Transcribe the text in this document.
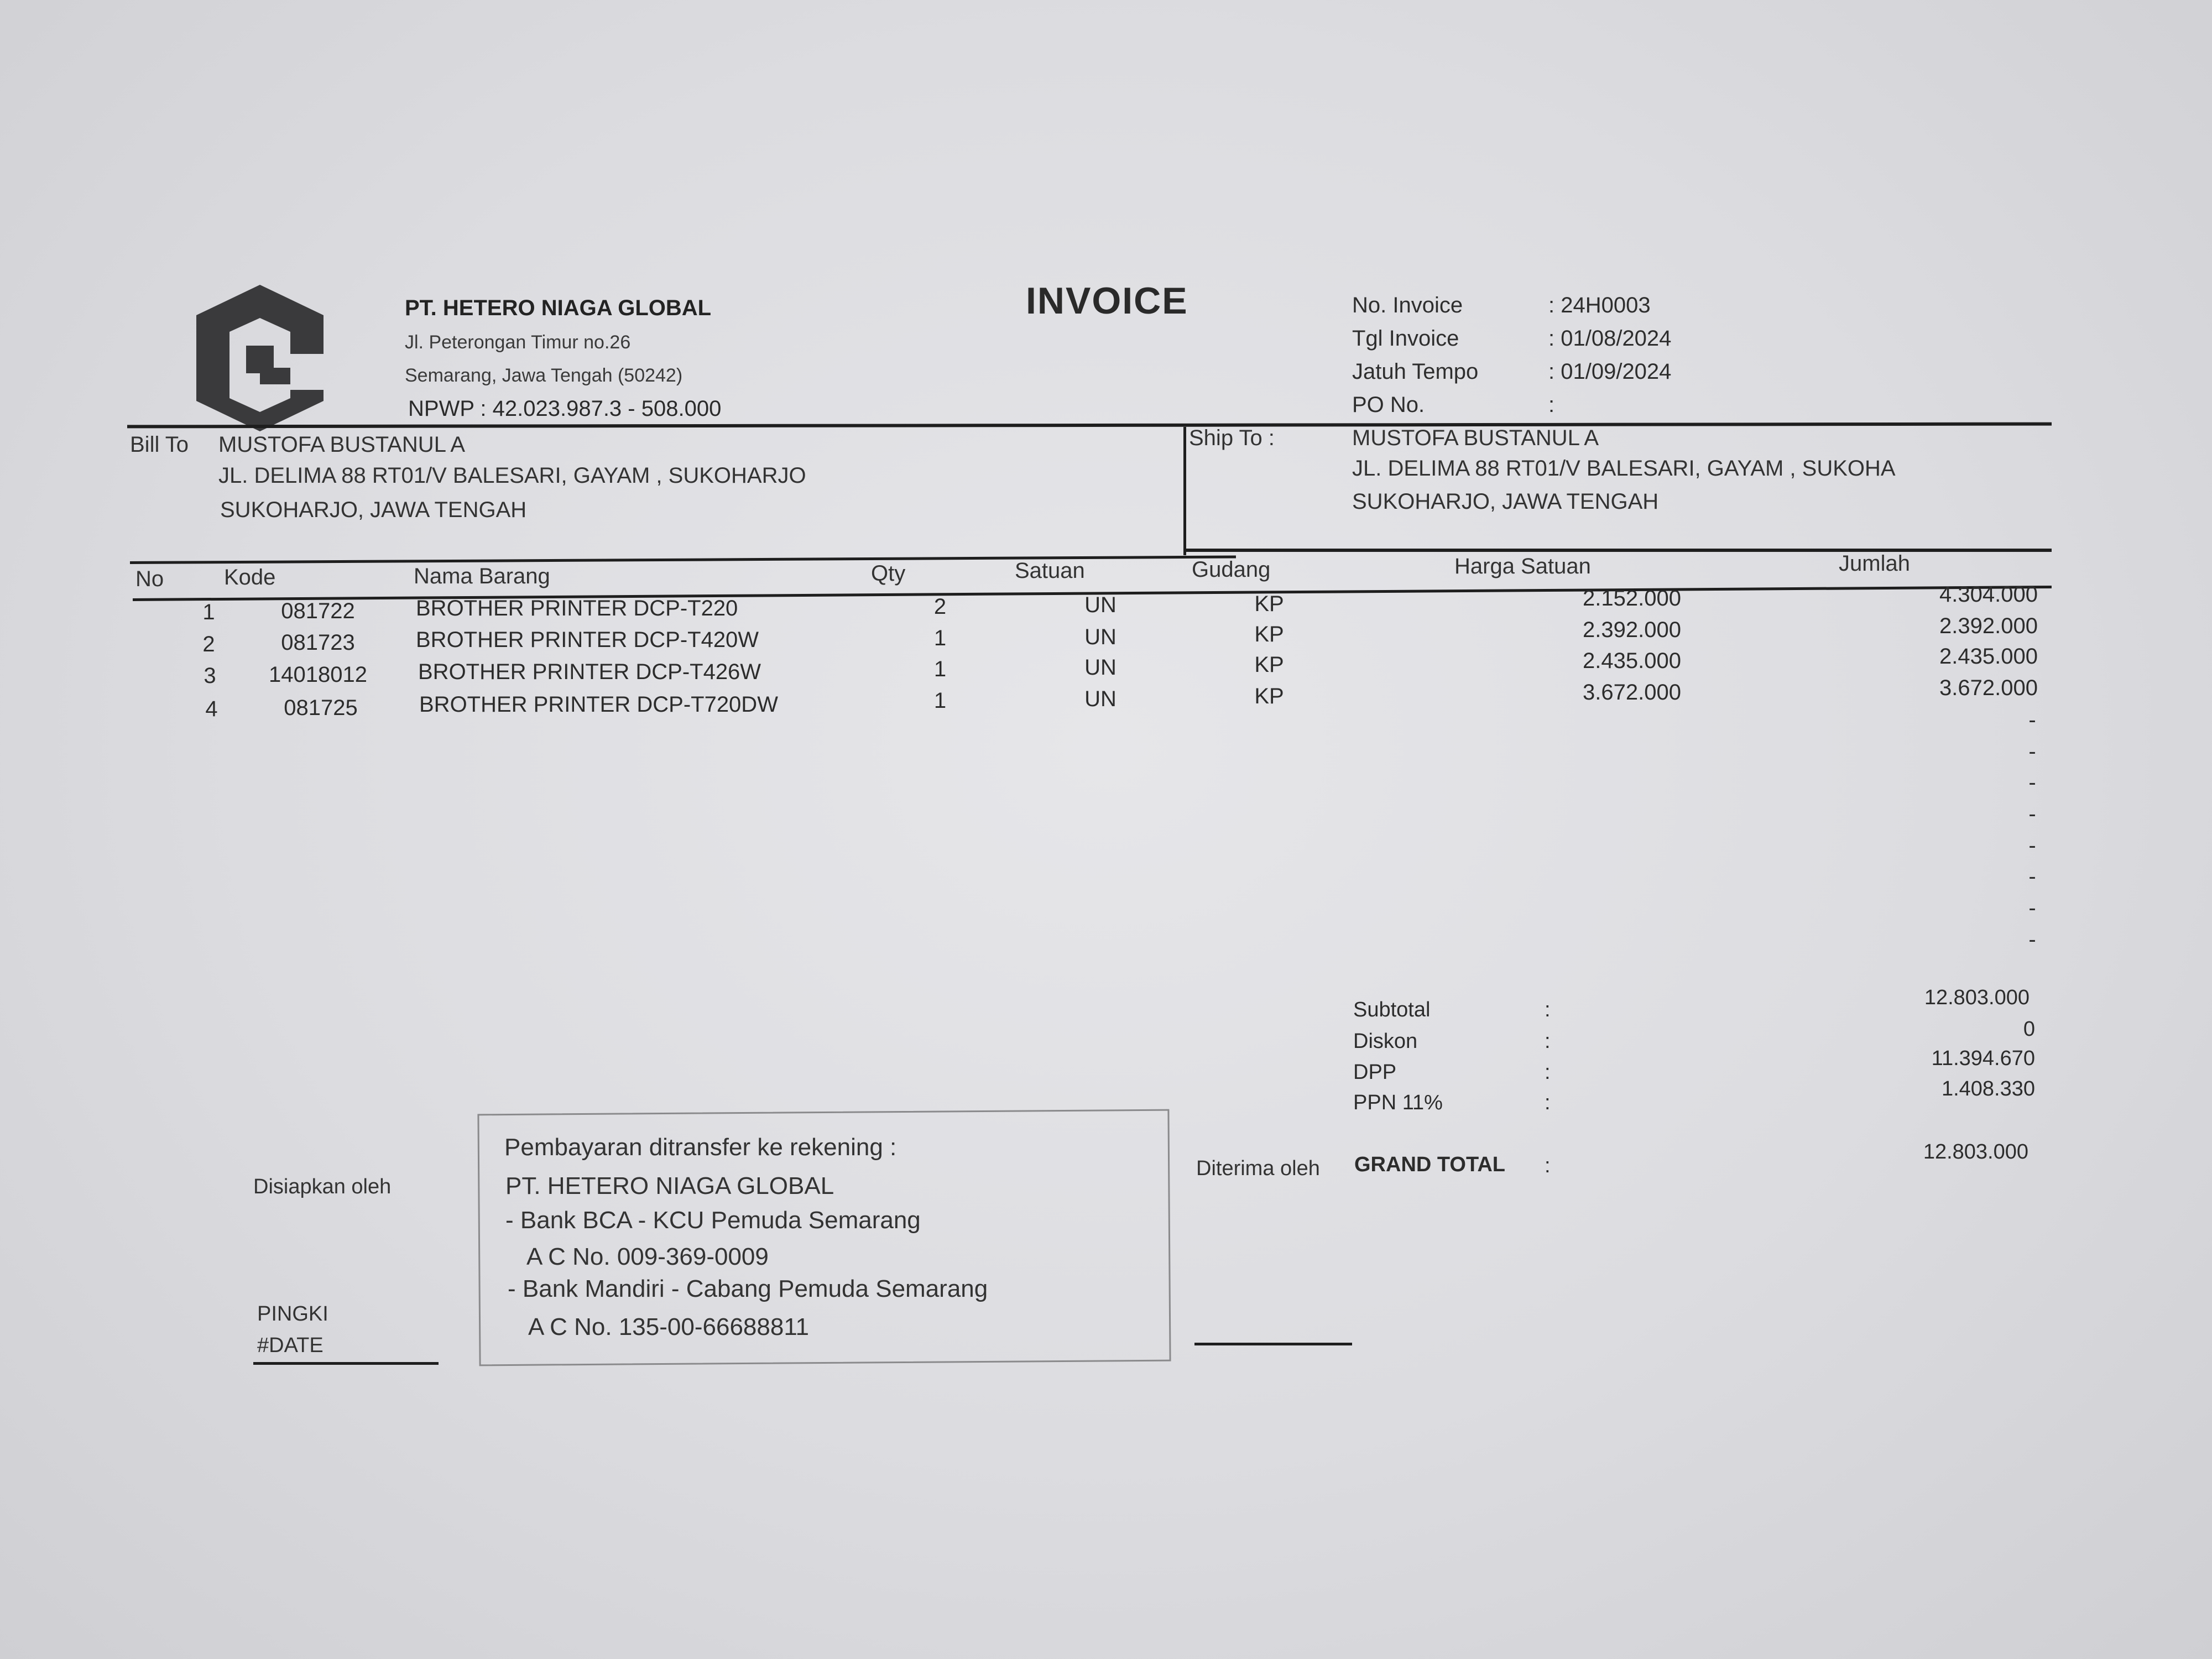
PT. HETERO NIAGA GLOBAL
Jl. Peterongan Timur no.26
Semarang, Jawa Tengah (50242)
NPWP : 42.023.987.3 - 508.000
INVOICE	No. Invoice	: 24H0003
Tgl Invoice	: 01/08/2024
Jatuh Tempo	: 01/09/2024
PO No.	:
Bill To MUSTOFA BUSTANUL A
JL. DELIMA 88 RT01/V BALESARI, GAYAM , SUKOHARJO
SUKOHARJO, JAWA TENGAH
Ship To :	MUSTOFA BUSTANUL A
JL. DELIMA 88 RT01/V BALESARI, GAYAM , SUKOHA
SUKOHARJO, JAWA TENGAH
No	Kode	Nama Barang	Qty	Satuan	Gudang	Harga Satuan	Jumlah
1	081722	BROTHER PRINTER DCP-T220	2	UN	KP	2.152.000	4.304.000
2	081723	BROTHER PRINTER DCP-T420W	1	UN	KP	2.392.000	2.392.000
3	14018012	BROTHER PRINTER DCP-T426W	1	UN	KP	2.435.000	2.435.000
4	081725	BROTHER PRINTER DCP-T720DW	1	UN	KP	3.672.000	3.672.000
-
-
-
-
-
-
-
-
Subtotal	:
12.803.000
Diskon	:
0
DPP	:
11.394.670
PPN 11%	:
1.408.330
GRAND TOTAL :
12.803.000
Pembayaran ditransfer ke rekening :
PT. HETERO NIAGA GLOBAL
- Bank BCA - KCU Pemuda Semarang
A C No. 009-369-0009
- Bank Mandiri - Cabang Pemuda Semarang
A C No. 135-00-66688811
Disiapkan oleh
PINGKI
#DATE
Diterima oleh
